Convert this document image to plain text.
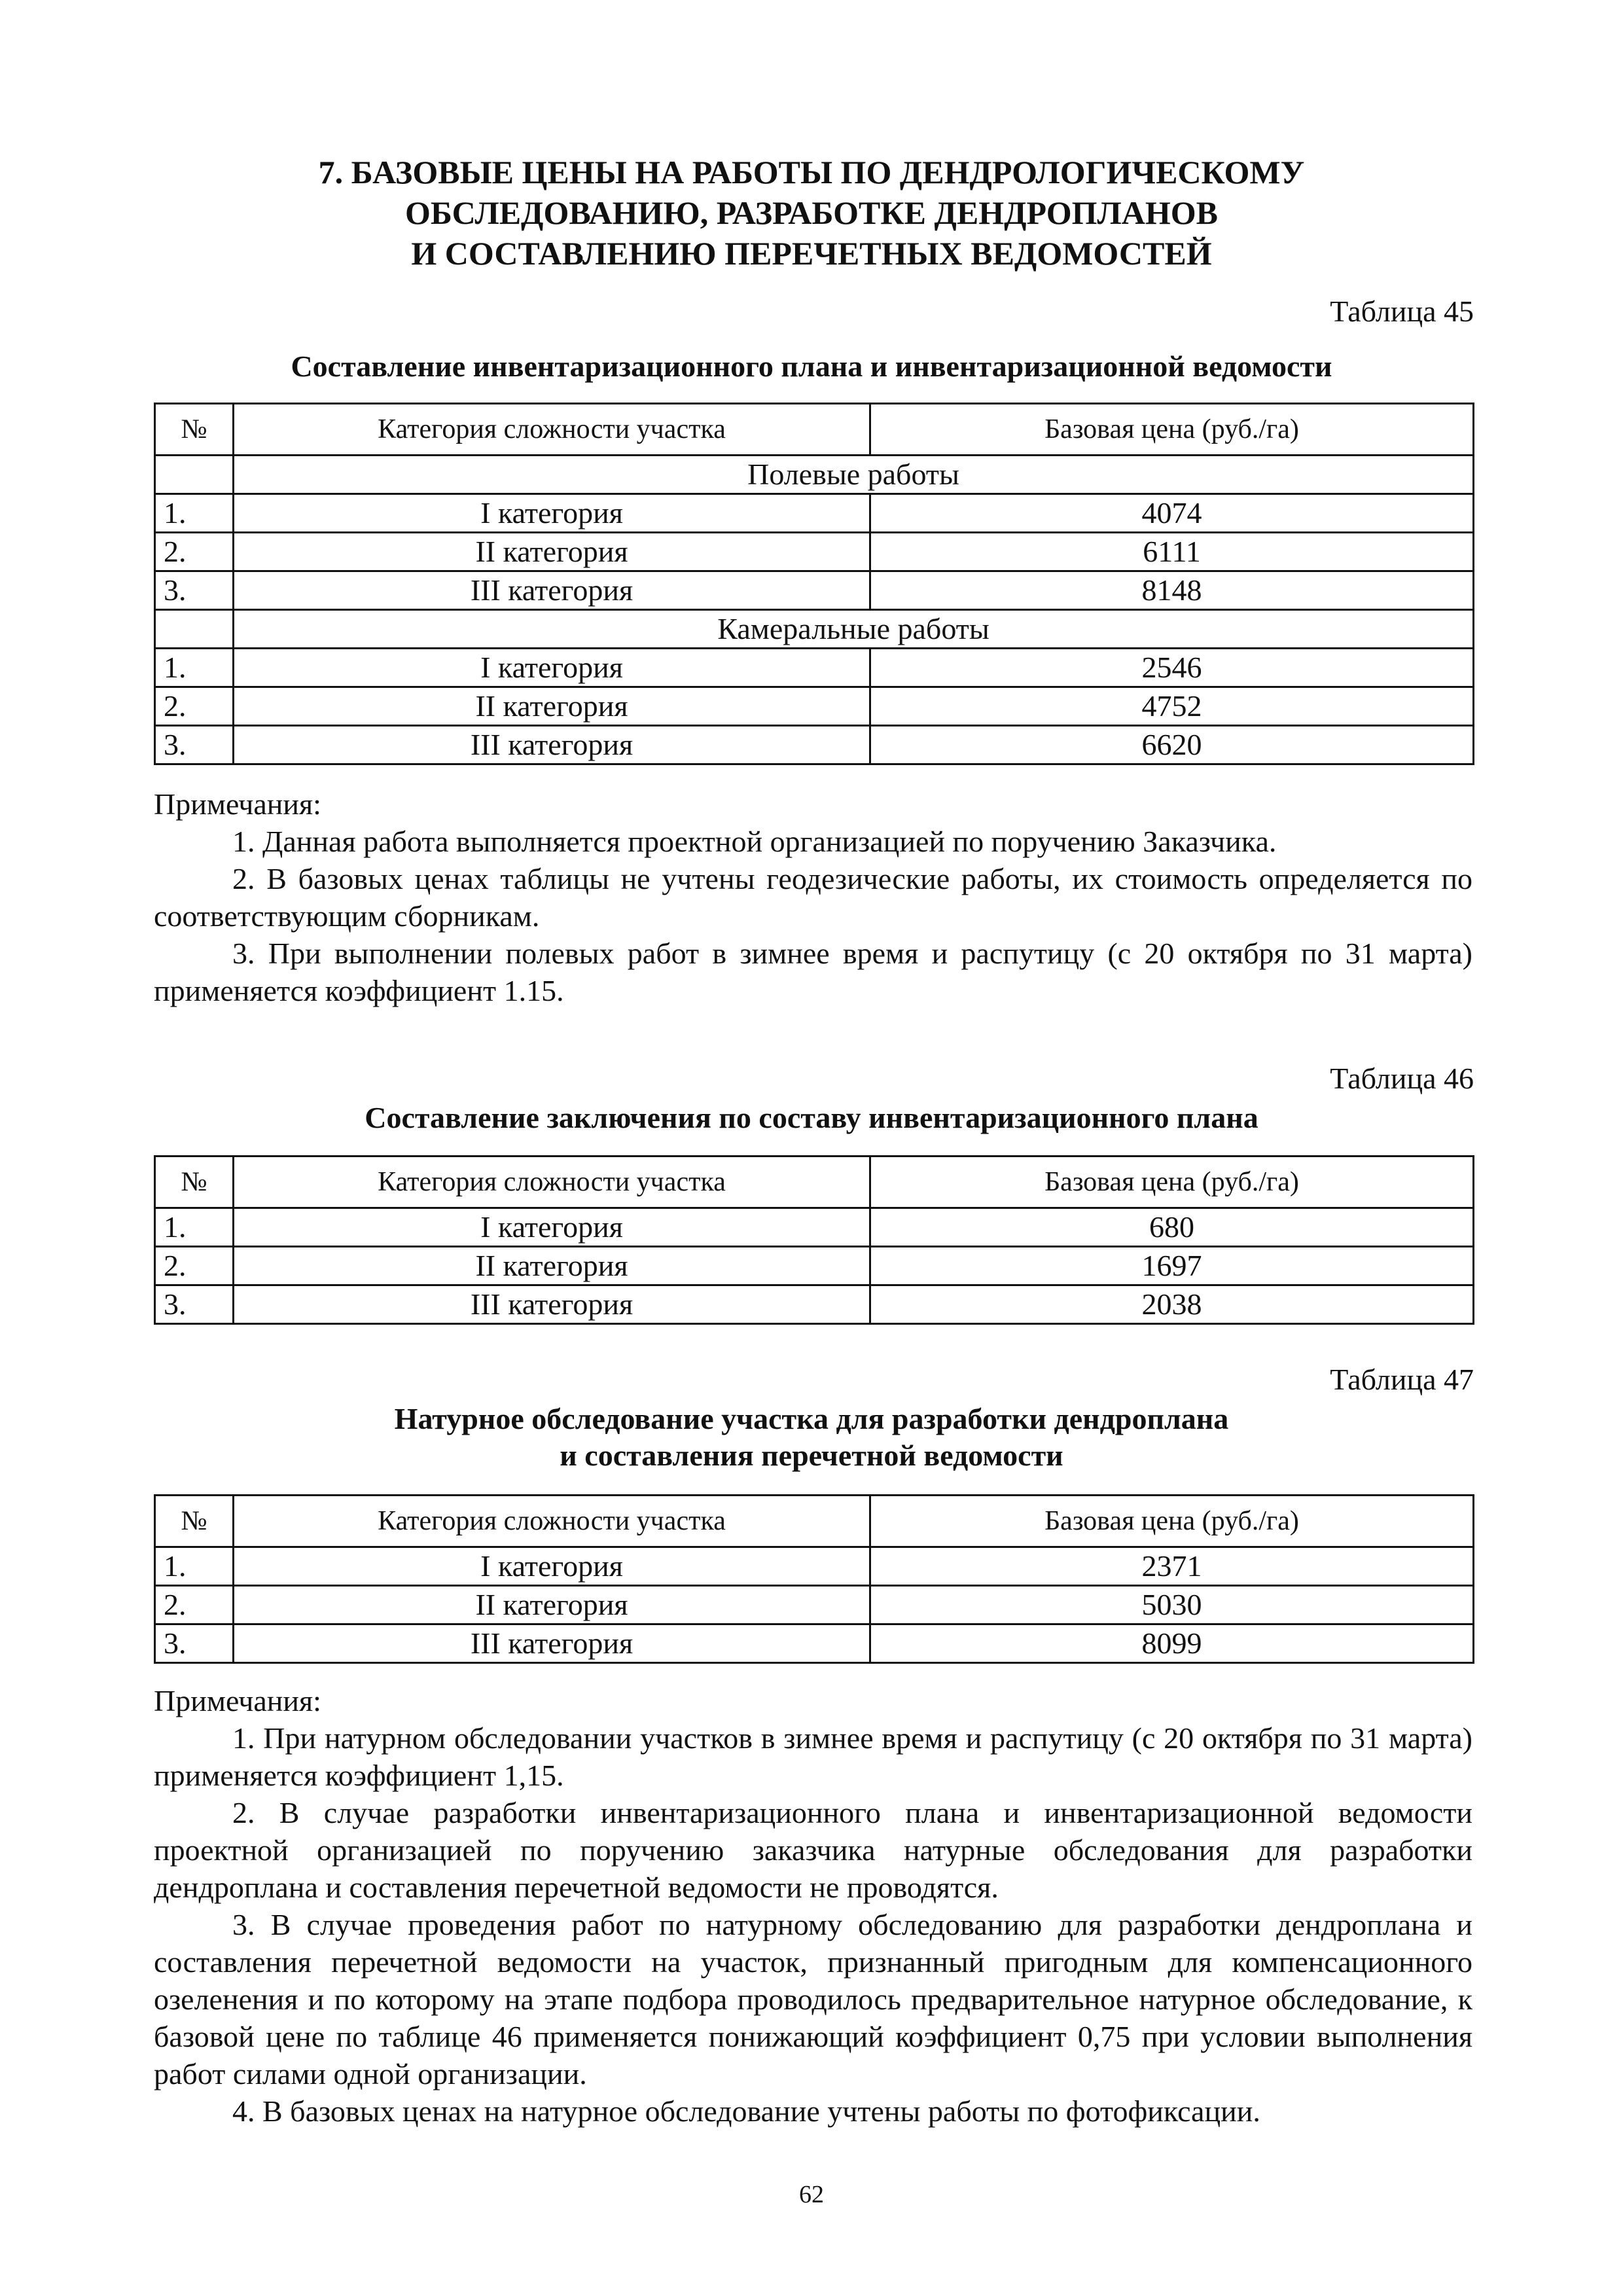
7. БАЗОВЫЕ ЦЕНЫ НА РАБОТЫ ПО ДЕНДРОЛОГИЧЕСКОМУ
ОБСЛЕДОВАНИЮ, РАЗРАБОТКЕ ДЕНДРОПЛАНОВ
И СОСТАВЛЕНИЮ ПЕРЕЧЕТНЫХ ВЕДОМОСТЕЙ
Таблица 45
Составление инвентаризационного плана и инвентаризационной ведомости
№	Категория сложности участка	Базовая цена (руб./га)
	Полевые работы	
1.	I категория	4074
2.	II категория	6111
3.	III категория	8148
	Камеральные работы	
1.	I категория	2546
2.	II категория	4752
3.	III категория	6620

Примечания:

1. Данная работа выполняется проектной организацией по поручению Заказчика.

2. В базовых ценах таблицы не учтены геодезические работы, их стоимость определяется по соответствующим сборникам.

3. При выполнении полевых работ в зимнее время и распутицу (с 20 октября по 31 марта) применяется коэффициент 1.15.

Таблица 46
Составление заключения по составу инвентаризационного плана
№	Категория сложности участка	Базовая цена (руб./га)
1.	I категория	680
2.	II категория	1697
3.	III категория	2038
Таблица 47
Натурное обследование участка для разработки дендроплана
и составления перечетной ведомости
№	Категория сложности участка	Базовая цена (руб./га)
1.	I категория	2371
2.	II категория	5030
3.	III категория	8099

Примечания:

1. При натурном обследовании участков в зимнее время и распутицу (с 20 октября по 31 марта) применяется коэффициент 1,15.

2. В случае разработки инвентаризационного плана и инвентаризационной ведомости проектной организацией по поручению заказчика натурные обследования для разработки дендроплана и составления перечетной ведомости не проводятся.

3. В случае проведения работ по натурному обследованию для разработки дендроплана и составления перечетной ведомости на участок, признанный пригодным для компенсационного озеленения и по которому на этапе подбора проводилось предварительное натурное обследование, к базовой цене по таблице 46 применяется понижающий коэффициент 0,75 при условии выполнения работ силами одной организации.

4. В базовых ценах на натурное обследование учтены работы по фотофиксации.

62
